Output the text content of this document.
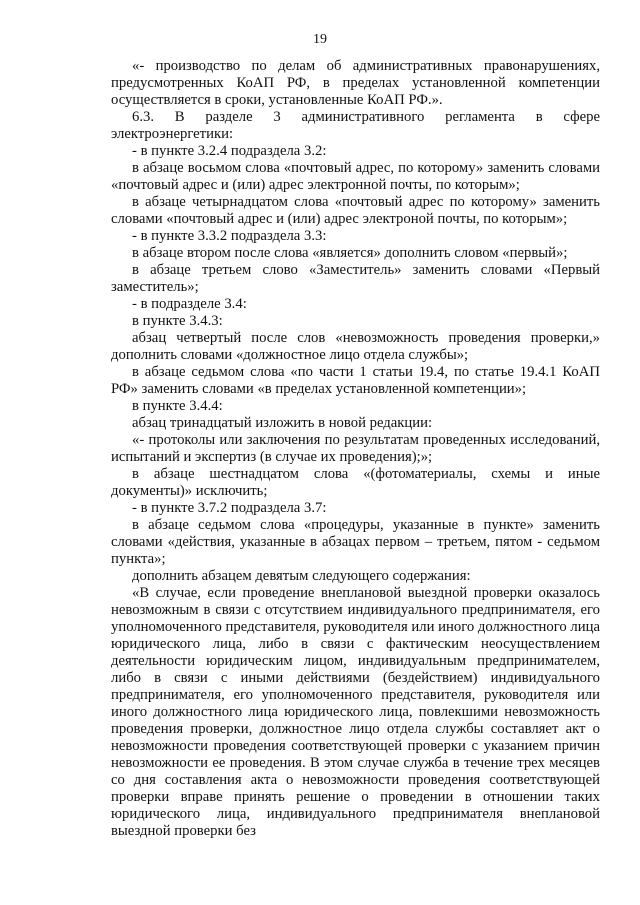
19

«- производство по делам об административных правонарушениях, предусмотренных КоАП РФ, в пределах установленной компетенции осуществляется в сроки, установленные КоАП РФ.».

6.3. В разделе 3 административного регламента в сфере электроэнергетики:

- в пункте 3.2.4 подраздела 3.2:

в абзаце восьмом слова «почтовый адрес, по которому» заменить словами «почтовый адрес и (или) адрес электронной почты, по которым»;

в абзаце четырнадцатом слова «почтовый адрес по которому» заменить словами «почтовый адрес и (или) адрес электроной почты, по которым»;

- в пункте 3.3.2 подраздела 3.3:

в абзаце втором после слова «является» дополнить словом «первый»;

в абзаце третьем слово «Заместитель» заменить словами «Первый заместитель»;

- в подразделе 3.4:

в пункте 3.4.3:

абзац четвертый после слов «невозможность проведения проверки,» дополнить словами «должностное лицо отдела службы»;

в абзаце седьмом слова «по части 1 статьи 19.4, по статье 19.4.1 КоАП РФ» заменить словами «в пределах установленной компетенции»;

в пункте 3.4.4:

абзац тринадцатый изложить в новой редакции:

«- протоколы или заключения по результатам проведенных исследований, испытаний и экспертиз (в случае их проведения);»;

в абзаце шестнадцатом слова «(фотоматериалы, схемы и иные документы)» исключить;

- в пункте 3.7.2 подраздела 3.7:

в абзаце седьмом слова «процедуры, указанные в пункте» заменить словами «действия, указанные в абзацах первом – третьем, пятом - седьмом пункта»;

дополнить абзацем девятым следующего содержания:

«В случае, если проведение внеплановой выездной проверки оказалось невозможным в связи с отсутствием индивидуального предпринимателя, его уполномоченного представителя, руководителя или иного должностного лица юридического лица, либо в связи с фактическим неосуществлением деятельности юридическим лицом, индивидуальным предпринимателем, либо в связи с иными действиями (бездействием) индивидуального предпринимателя, его уполномоченного представителя, руководителя или иного должностного лица юридического лица, повлекшими невозможность проведения проверки, должностное лицо отдела службы составляет акт о невозможности проведения соответствующей проверки с указанием причин невозможности ее проведения. В этом случае служба в течение трех месяцев со дня составления акта о невозможности проведения соответствующей проверки вправе принять решение о проведении в отношении таких юридического лица, индивидуального предпринимателя внеплановой выездной проверки без
